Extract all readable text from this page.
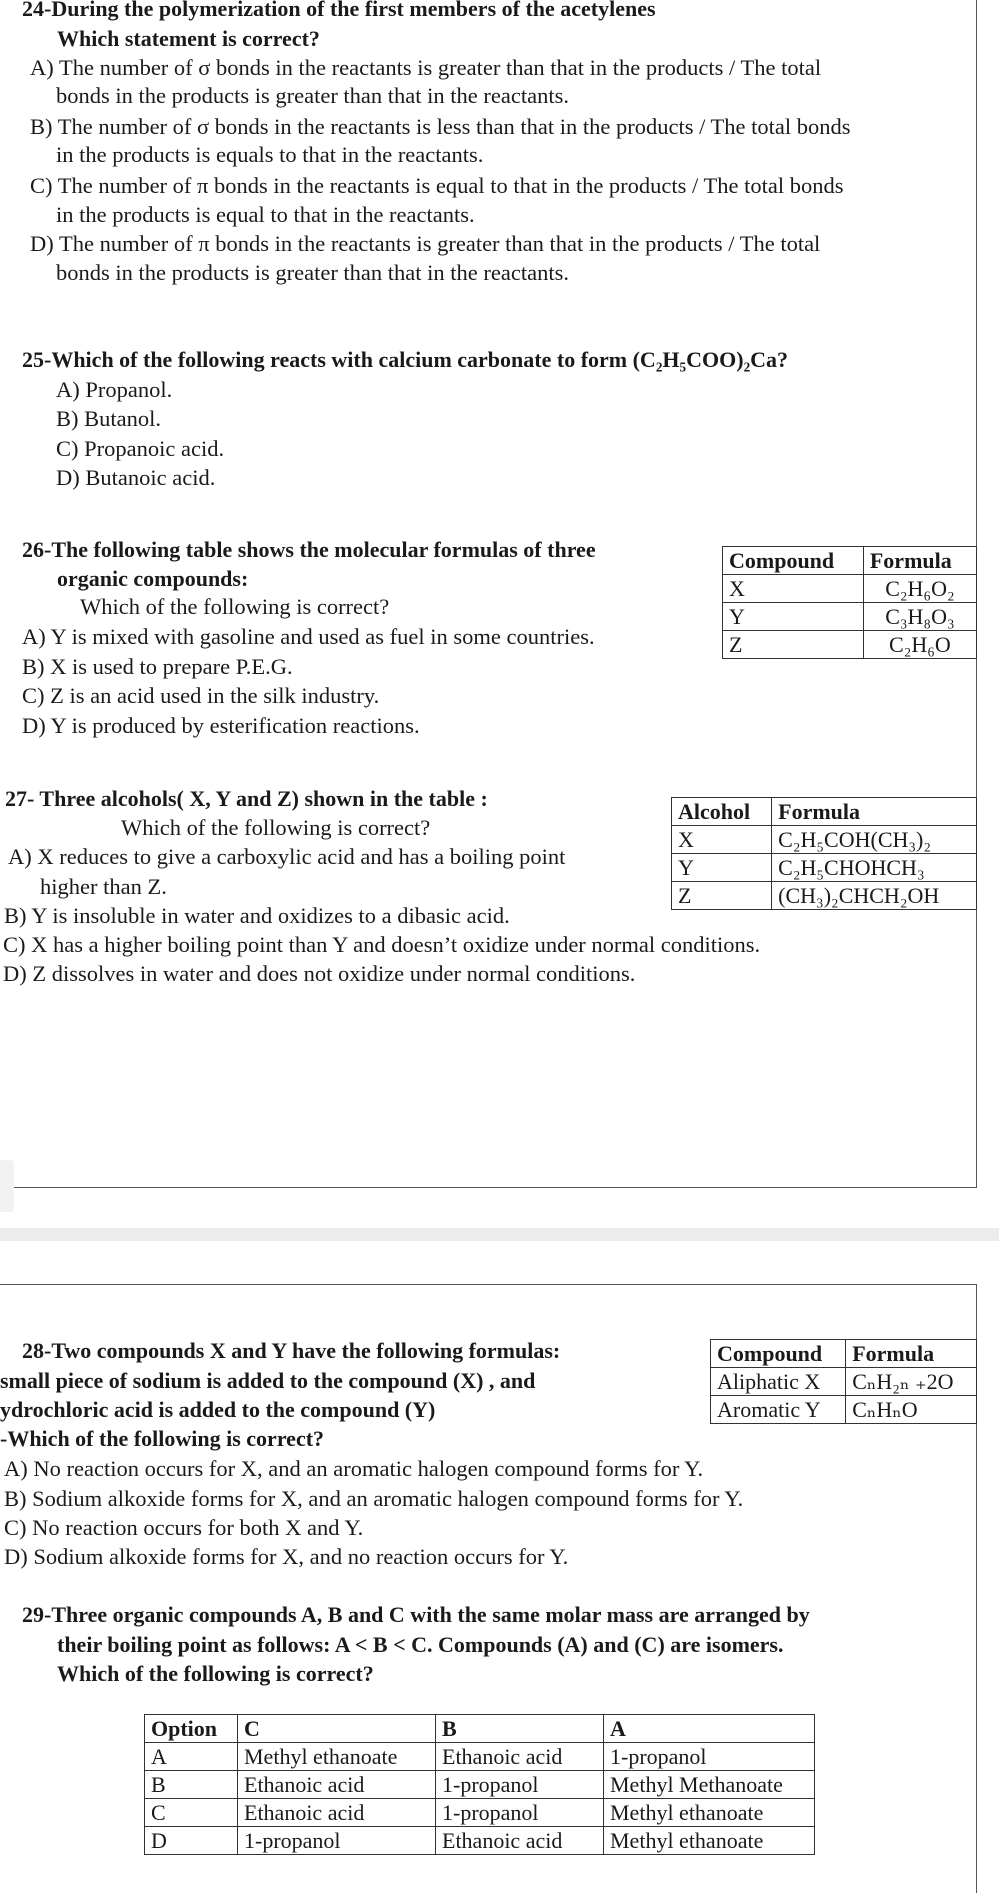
24-During the polymerization of the first members of the acetylenes
Which statement is correct?
A) The number of σ bonds in the reactants is greater than that in the products / The total
bonds in the products is greater than that in the reactants.
B) The number of σ bonds in the reactants is less than that in the products / The total bonds
in the products is equals to that in the reactants.
C) The number of π bonds in the reactants is equal to that in the products / The total bonds
in the products is equal to that in the reactants.
D) The number of π bonds in the reactants is greater than that in the products / The total
bonds in the products is greater than that in the reactants.
25-Which of the following reacts with calcium carbonate to form (C₂H₅COO)₂Ca?
A) Propanol.
B) Butanol.
C) Propanoic acid.
D) Butanoic acid.
26-The following table shows the molecular formulas of three
organic compounds:
Which of the following is correct?
A) Y is mixed with gasoline and used as fuel in some countries.
B) X is used to prepare P.E.G.
C) Z is an acid used in the silk industry.
D) Y is produced by esterification reactions.
Compound	Formula
X	C₂H₆O₂
Y	C₃H₈O₃
Z	C₂H₆O
27- Three alcohols( X, Y and Z) shown in the table :
Which of the following is correct?
A) X reduces to give a carboxylic acid and has a boiling point
higher than Z.
B) Y is insoluble in water and oxidizes to a dibasic acid.
C) X has a higher boiling point than Y and doesn’t oxidize under normal conditions.
D) Z dissolves in water and does not oxidize under normal conditions.
Alcohol	Formula
X	C₂H₅COH(CH₃)₂
Y	C₂H₅CHOHCH₃
Z	(CH₃)₂CHCH₂OH
28-Two compounds X and Y have the following formulas:
small piece of sodium is added to the compound (X) , and
ydrochloric acid is added to the compound (Y)
-Which of the following is correct?
A) No reaction occurs for X, and an aromatic halogen compound forms for Y.
B) Sodium alkoxide forms for X, and an aromatic halogen compound forms for Y.
C) No reaction occurs for both X and Y.
D) Sodium alkoxide forms for X, and no reaction occurs for Y.
Compound	Formula
Aliphatic X	CₙH₂ₙ ₊2O
Aromatic Y	CₙHₙO
29-Three organic compounds A, B and C with the same molar mass are arranged by
their boiling point as follows: A < B < C. Compounds (A) and (C) are isomers.
Which of the following is correct?
Option	C	B	A
A	Methyl ethanoate	Ethanoic acid	1-propanol
B	Ethanoic acid	1-propanol	Methyl Methanoate
C	Ethanoic acid	1-propanol	Methyl ethanoate
D	1-propanol	Ethanoic acid	Methyl ethanoate
